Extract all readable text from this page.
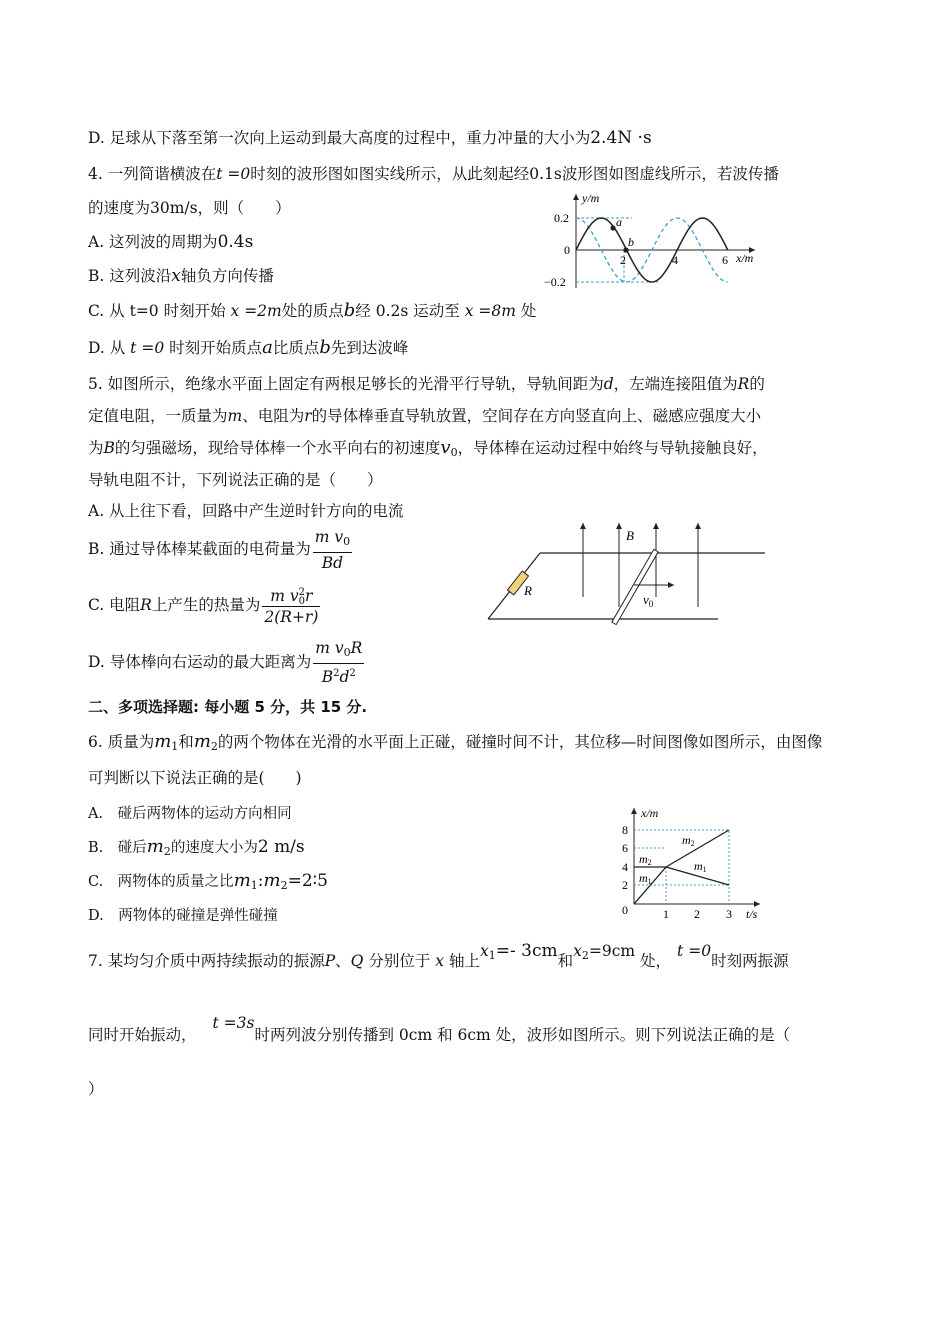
D. 足球从下落至第一次向上运动到最大高度的过程中，重力冲量的大小为2.4N ·s
4. 一列简谐横波在t =0时刻的波形图如图实线所示，从此刻起经0.1s波形图如图虚线所示，若波传播
的速度为30m/s，则（　　）
A. 这列波的周期为0.4s
B. 这列波沿x轴负方向传播
C. 从 t=0 时刻开始 x =2m处的质点b经 0.2s 运动至 x =8m 处
D. 从 t =0 时刻开始质点a比质点b先到达波峰
y/m
x/m
0.2
0
−0.2
2	4	6
a
b
5. 如图所示，绝缘水平面上固定有两根足够长的光滑平行导轨，导轨间距为d，左端连接阻值为R的
定值电阻，一质量为m、电阻为r的导体棒垂直导轨放置，空间存在方向竖直向上、磁感应强度大小
为B的匀强磁场，现给导体棒一个水平向右的初速度$v_0$，导体棒在运动过程中始终与导轨接触良好，
导轨电阻不计，下列说法正确的是（　　）
A. 从上往下看，回路中产生逆时针方向的电流
B. 通过导体棒某截面的电荷量为 $\frac{m v_0}{Bd}$
C. 电阻R上产生的热量为 m v 2
0 r
2(R+r)
D. 导体棒向右运动的最大距离为 $\frac{m v_0R}{B^2d^2}$
R
B
$v_0$
二、多项选择题: 每小题 5 分，共 15 分.
6. 质量为$m_1$和$m_2$的两个物体在光滑的水平面上正碰，碰撞时间不计，其位移—时间图像如图所示，由图像
可判断以下说法正确的是(　　)
A.　碰后两物体的运动方向相同
B.　碰后$m_2$的速度大小为2 m/s
C.　两物体的质量之比$m_1:m_2=2∶5$
D.　两物体的碰撞是弹性碰撞
x/m
t/s
8
6
4
2
0	1 2 3
m2
m1
m2
m1
7. 某均匀介质中两持续振动的振源P、Q 分别位于 x 轴上$x_1=-$ 3cm和$x_2=9cm$ 处，t =0时刻两振源
同时开始振动，t =3s时两列波分别传播到 0cm 和 6cm 处，波形如图所示。则下列说法正确的是（
）
